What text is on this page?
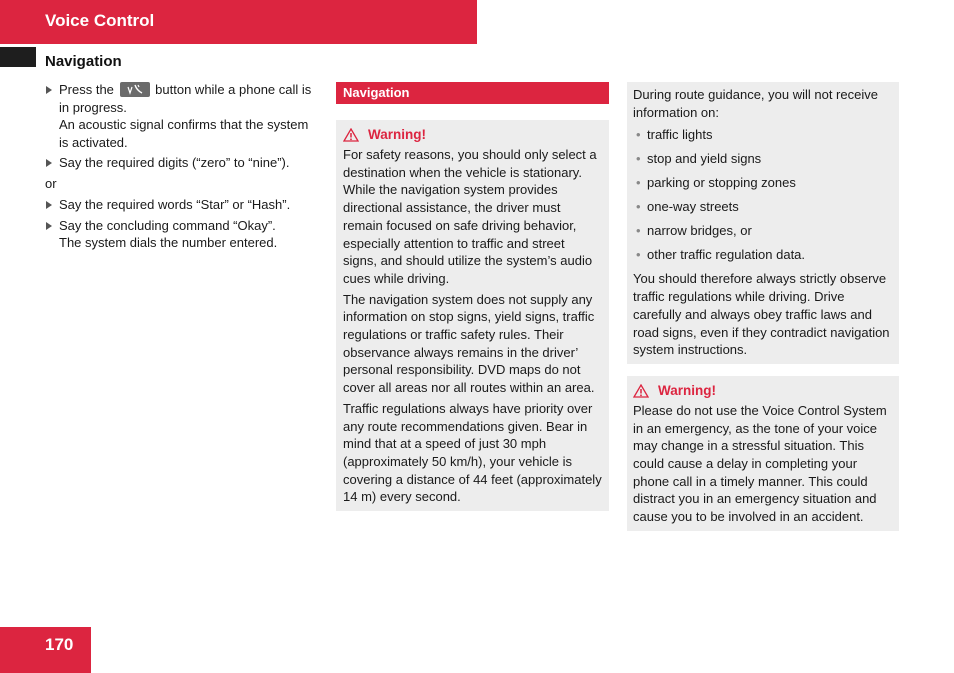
Voice Control
Navigation
Press the	button while a phone call is in progress.
An acoustic signal confirms that the system is activated.
Say the required digits (“zero” to “nine”).
or
Say the required words “Star” or “Hash”.
Say the concluding command “Okay”.
The system dials the number entered.
Navigation
Warning!

For safety reasons, you should only select a destination when the vehicle is stationary. While the navigation system provides directional assistance, the driver must remain focused on safe driving behavior, especially attention to traffic and street signs, and should utilize the system’s audio cues while driving.

The navigation system does not supply any information on stop signs, yield signs, traffic regulations or traffic safety rules. Their observance always remains in the driver’ personal responsibility. DVD maps do not cover all areas nor all routes within an area.

Traffic regulations always have priority over any route recommendations given. Bear in mind that at a speed of just 30 mph (approximately 50 km/h), your vehicle is covering a distance of 44 feet (approximately 14 m) every second.

During route guidance, you will not receive information on:
• traffic lights
• stop and yield signs
• parking or stopping zones
• one-way streets
• narrow bridges, or
• other traffic regulation data.
You should therefore always strictly observe traffic regulations while driving. Drive carefully and always obey traffic laws and road signs, even if they contradict navigation system instructions.
Warning!

Please do not use the Voice Control System in an emergency, as the tone of your voice may change in a stressful situation. This could cause a delay in completing your phone call in a timely manner. This could distract you in an emergency situation and cause you to be involved in an accident.

170
